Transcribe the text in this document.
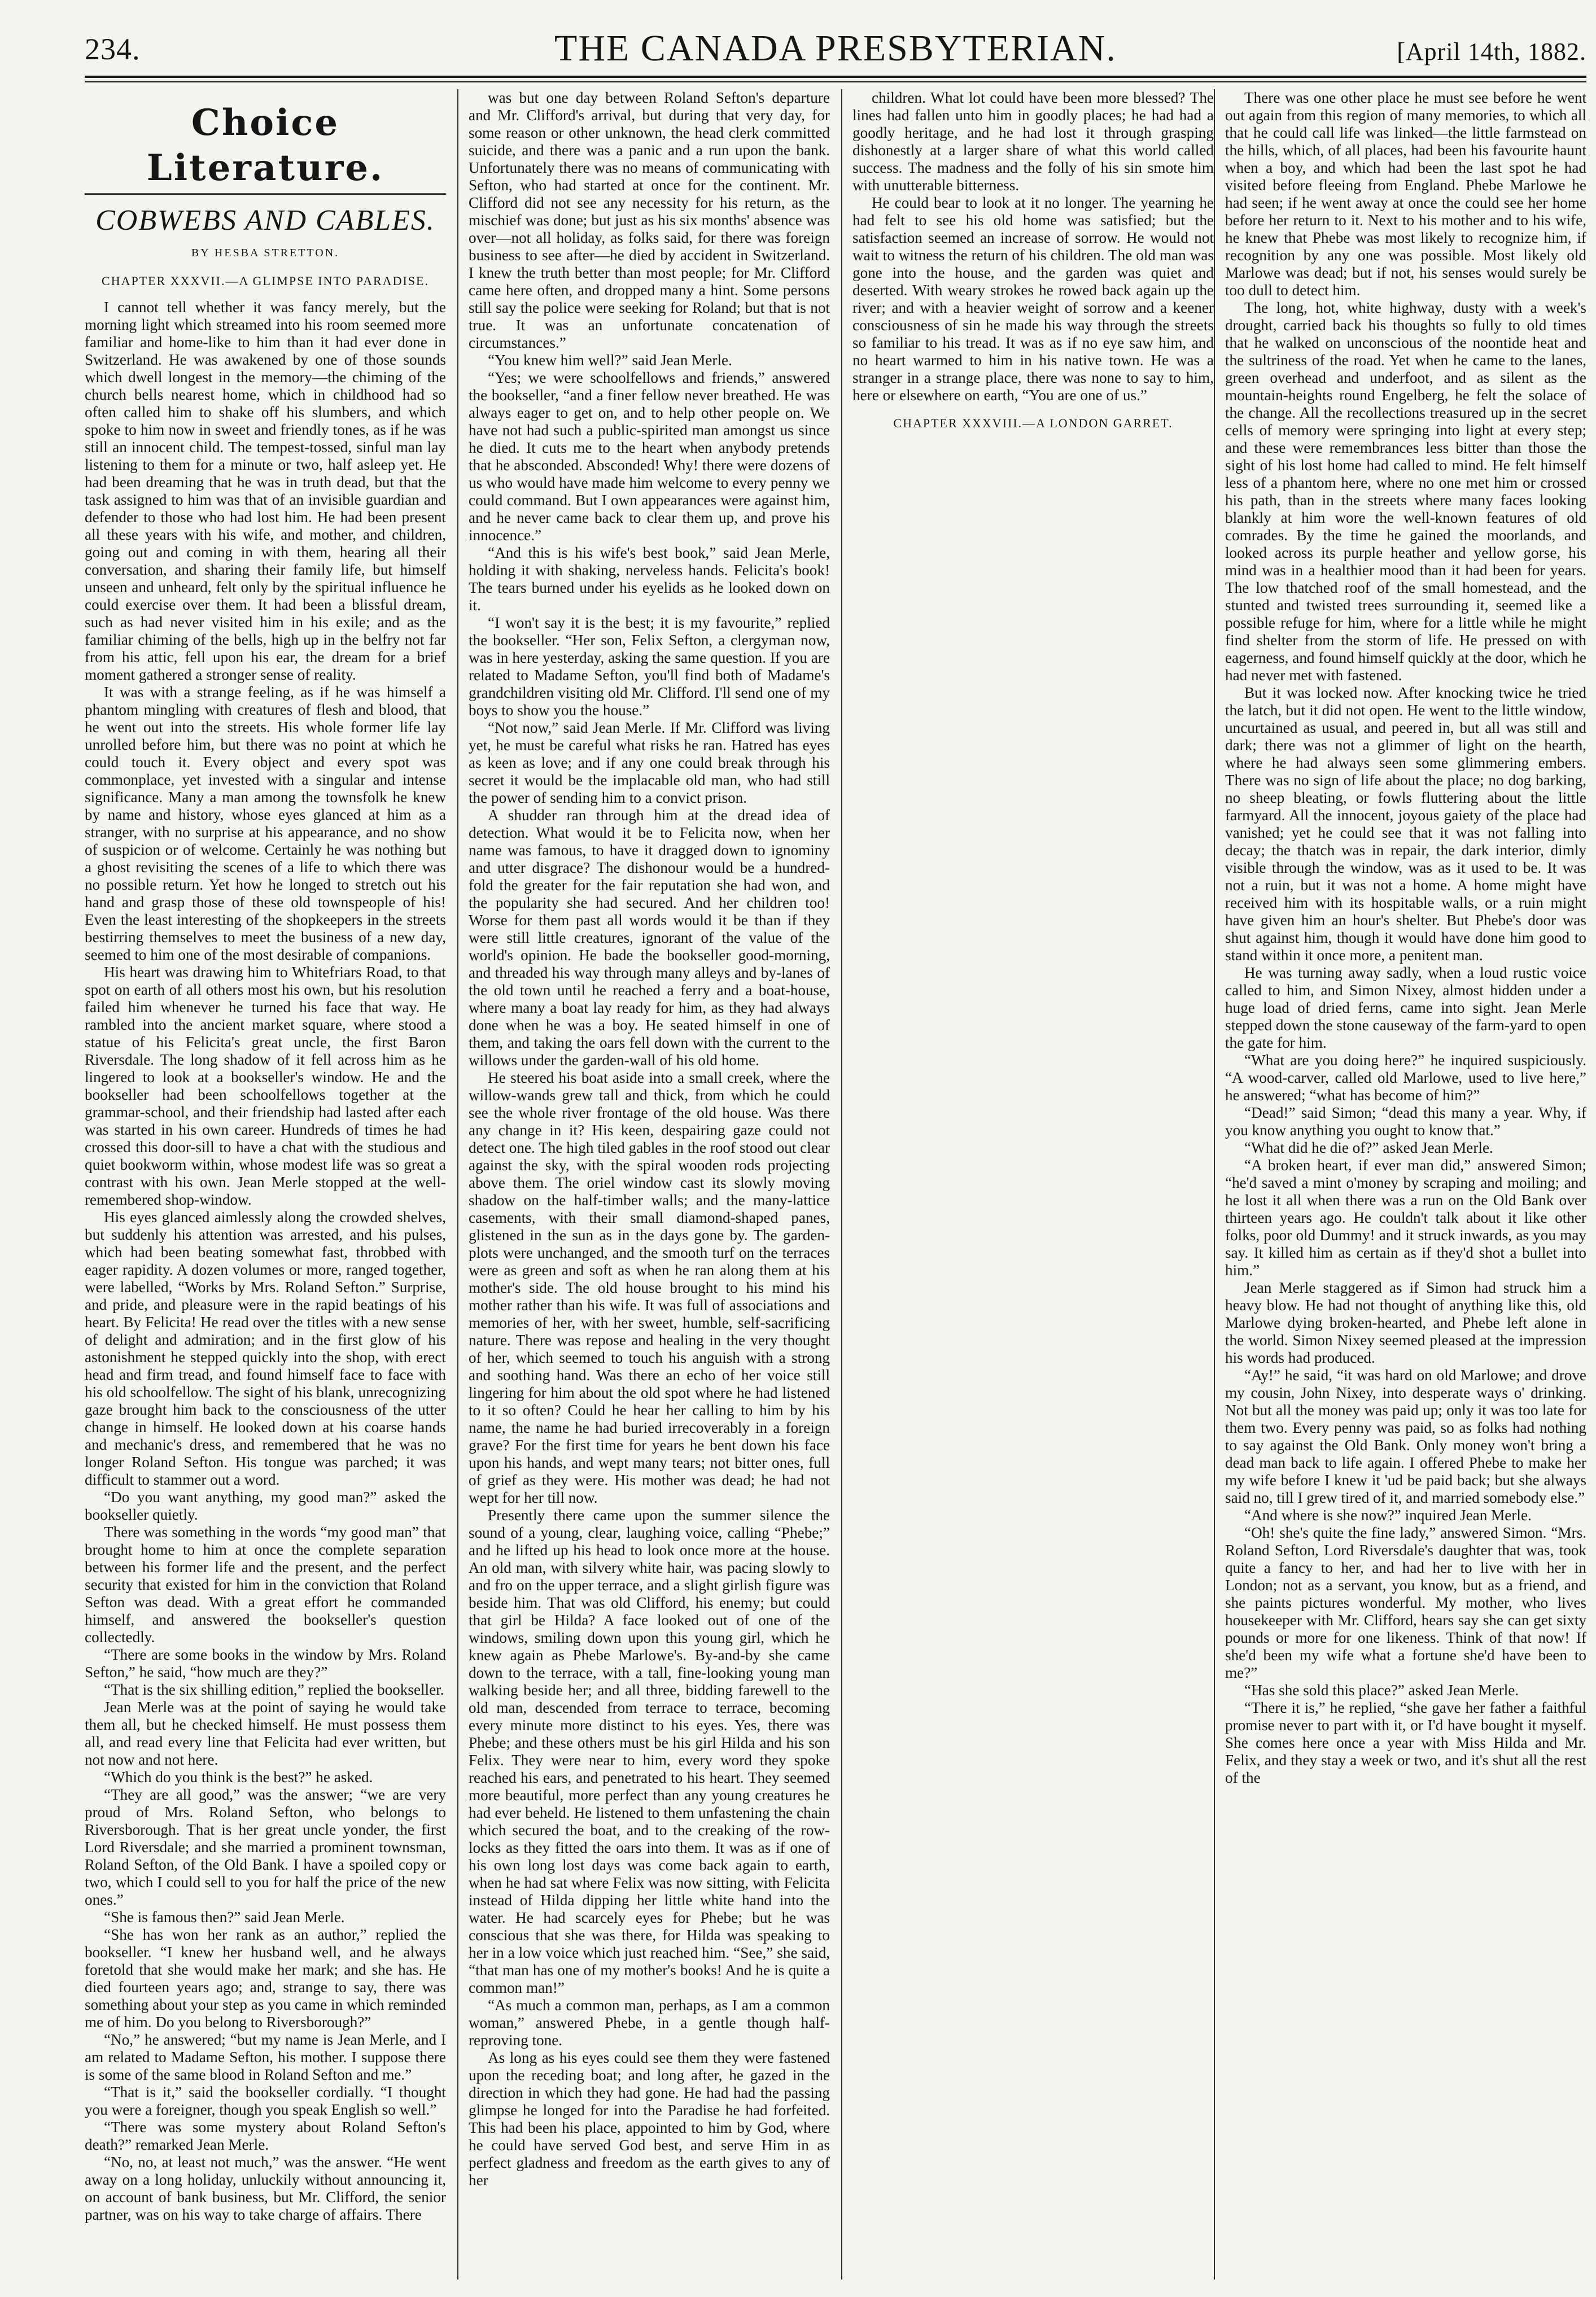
234.	THE CANADA PRESBYTERIAN.	[April 14th, 1882.
Choice Literature.
COBWEBS AND CABLES.
BY HESBA STRETTON.
CHAPTER XXXVII.—A GLIMPSE INTO PARADISE.

I cannot tell whether it was fancy merely, but the morning light which streamed into his room seemed more familiar and home-like to him than it had ever done in Switzerland. He was awakened by one of those sounds which dwell longest in the memory—the chiming of the church bells nearest home, which in childhood had so often called him to shake off his slumbers, and which spoke to him now in sweet and friendly tones, as if he was still an innocent child. The tempest-tossed, sinful man lay listening to them for a minute or two, half asleep yet. He had been dreaming that he was in truth dead, but that the task assigned to him was that of an invisible guardian and defender to those who had lost him. He had been present all these years with his wife, and mother, and children, going out and coming in with them, hearing all their conversation, and sharing their family life, but himself unseen and unheard, felt only by the spiritual influence he could exercise over them. It had been a blissful dream, such as had never visited him in his exile; and as the familiar chiming of the bells, high up in the belfry not far from his attic, fell upon his ear, the dream for a brief moment gathered a stronger sense of reality.

It was with a strange feeling, as if he was himself a phantom mingling with creatures of flesh and blood, that he went out into the streets. His whole former life lay unrolled before him, but there was no point at which he could touch it. Every object and every spot was commonplace, yet invested with a singular and intense significance. Many a man among the townsfolk he knew by name and history, whose eyes glanced at him as a stranger, with no surprise at his appearance, and no show of suspicion or of welcome. Certainly he was nothing but a ghost revisiting the scenes of a life to which there was no possible return. Yet how he longed to stretch out his hand and grasp those of these old townspeople of his! Even the least interesting of the shopkeepers in the streets bestirring themselves to meet the business of a new day, seemed to him one of the most desirable of companions.

His heart was drawing him to Whitefriars Road, to that spot on earth of all others most his own, but his resolution failed him whenever he turned his face that way. He rambled into the ancient market square, where stood a statue of his Felicita's great uncle, the first Baron Riversdale. The long shadow of it fell across him as he lingered to look at a bookseller's window. He and the bookseller had been schoolfellows together at the grammar-school, and their friendship had lasted after each was started in his own career. Hundreds of times he had crossed this door-sill to have a chat with the studious and quiet bookworm within, whose modest life was so great a contrast with his own. Jean Merle stopped at the well-remembered shop-window.

His eyes glanced aimlessly along the crowded shelves, but suddenly his attention was arrested, and his pulses, which had been beating somewhat fast, throbbed with eager rapidity. A dozen volumes or more, ranged together, were labelled, “Works by Mrs. Roland Sefton.” Surprise, and pride, and pleasure were in the rapid beatings of his heart. By Felicita! He read over the titles with a new sense of delight and admiration; and in the first glow of his astonishment he stepped quickly into the shop, with erect head and firm tread, and found himself face to face with his old schoolfellow. The sight of his blank, unrecognizing gaze brought him back to the consciousness of the utter change in himself. He looked down at his coarse hands and mechanic's dress, and remembered that he was no longer Roland Sefton. His tongue was parched; it was difficult to stammer out a word.

“Do you want anything, my good man?” asked the bookseller quietly.

There was something in the words “my good man” that brought home to him at once the complete separation between his former life and the present, and the perfect security that existed for him in the conviction that Roland Sefton was dead. With a great effort he commanded himself, and answered the bookseller's question collectedly.

“There are some books in the window by Mrs. Roland Sefton,” he said, “how much are they?”

“That is the six shilling edition,” replied the bookseller.

Jean Merle was at the point of saying he would take them all, but he checked himself. He must possess them all, and read every line that Felicita had ever written, but not now and not here.

“Which do you think is the best?” he asked.

“They are all good,” was the answer; “we are very proud of Mrs. Roland Sefton, who belongs to Riversborough. That is her great uncle yonder, the first Lord Riversdale; and she married a prominent townsman, Roland Sefton, of the Old Bank. I have a spoiled copy or two, which I could sell to you for half the price of the new ones.”

“She is famous then?” said Jean Merle.

“She has won her rank as an author,” replied the bookseller. “I knew her husband well, and he always foretold that she would make her mark; and she has. He died fourteen years ago; and, strange to say, there was something about your step as you came in which reminded me of him. Do you belong to Riversborough?”

“No,” he answered; “but my name is Jean Merle, and I am related to Madame Sefton, his mother. I suppose there is some of the same blood in Roland Sefton and me.”

“That is it,” said the bookseller cordially. “I thought you were a foreigner, though you speak English so well.”

“There was some mystery about Roland Sefton's death?” remarked Jean Merle.

“No, no, at least not much,” was the answer. “He went away on a long holiday, unluckily without announcing it, on account of bank business, but Mr. Clifford, the senior partner, was on his way to take charge of affairs. There

was but one day between Roland Sefton's departure and Mr. Clifford's arrival, but during that very day, for some reason or other unknown, the head clerk committed suicide, and there was a panic and a run upon the bank. Unfortunately there was no means of communicating with Sefton, who had started at once for the continent. Mr. Clifford did not see any necessity for his return, as the mischief was done; but just as his six months' absence was over—not all holiday, as folks said, for there was foreign business to see after—he died by accident in Switzerland. I knew the truth better than most people; for Mr. Clifford came here often, and dropped many a hint. Some persons still say the police were seeking for Roland; but that is not true. It was an unfortunate concatenation of circumstances.”

“You knew him well?” said Jean Merle.

“Yes; we were schoolfellows and friends,” answered the bookseller, “and a finer fellow never breathed. He was always eager to get on, and to help other people on. We have not had such a public-spirited man amongst us since he died. It cuts me to the heart when anybody pretends that he absconded. Absconded! Why! there were dozens of us who would have made him welcome to every penny we could command. But I own appearances were against him, and he never came back to clear them up, and prove his innocence.”

“And this is his wife's best book,” said Jean Merle, holding it with shaking, nerveless hands. Felicita's book! The tears burned under his eyelids as he looked down on it.

“I won't say it is the best; it is my favourite,” replied the bookseller. “Her son, Felix Sefton, a clergyman now, was in here yesterday, asking the same question. If you are related to Madame Sefton, you'll find both of Madame's grandchildren visiting old Mr. Clifford. I'll send one of my boys to show you the house.”

“Not now,” said Jean Merle. If Mr. Clifford was living yet, he must be careful what risks he ran. Hatred has eyes as keen as love; and if any one could break through his secret it would be the implacable old man, who had still the power of sending him to a convict prison.

A shudder ran through him at the dread idea of detection. What would it be to Felicita now, when her name was famous, to have it dragged down to ignominy and utter disgrace? The dishonour would be a hundred-fold the greater for the fair reputation she had won, and the popularity she had secured. And her children too! Worse for them past all words would it be than if they were still little creatures, ignorant of the value of the world's opinion. He bade the bookseller good-morning, and threaded his way through many alleys and by-lanes of the old town until he reached a ferry and a boat-house, where many a boat lay ready for him, as they had always done when he was a boy. He seated himself in one of them, and taking the oars fell down with the current to the willows under the garden-wall of his old home.

He steered his boat aside into a small creek, where the willow-wands grew tall and thick, from which he could see the whole river frontage of the old house. Was there any change in it? His keen, despairing gaze could not detect one. The high tiled gables in the roof stood out clear against the sky, with the spiral wooden rods projecting above them. The oriel window cast its slowly moving shadow on the half-timber walls; and the many-lattice casements, with their small diamond-shaped panes, glistened in the sun as in the days gone by. The garden-plots were unchanged, and the smooth turf on the terraces were as green and soft as when he ran along them at his mother's side. The old house brought to his mind his mother rather than his wife. It was full of associations and memories of her, with her sweet, humble, self-sacrificing nature. There was repose and healing in the very thought of her, which seemed to touch his anguish with a strong and soothing hand. Was there an echo of her voice still lingering for him about the old spot where he had listened to it so often? Could he hear her calling to him by his name, the name he had buried irrecoverably in a foreign grave? For the first time for years he bent down his face upon his hands, and wept many tears; not bitter ones, full of grief as they were. His mother was dead; he had not wept for her till now.

Presently there came upon the summer silence the sound of a young, clear, laughing voice, calling “Phebe;” and he lifted up his head to look once more at the house. An old man, with silvery white hair, was pacing slowly to and fro on the upper terrace, and a slight girlish figure was beside him. That was old Clifford, his enemy; but could that girl be Hilda? A face looked out of one of the windows, smiling down upon this young girl, which he knew again as Phebe Marlowe's. By-and-by she came down to the terrace, with a tall, fine-looking young man walking beside her; and all three, bidding farewell to the old man, descended from terrace to terrace, becoming every minute more distinct to his eyes. Yes, there was Phebe; and these others must be his girl Hilda and his son Felix. They were near to him, every word they spoke reached his ears, and penetrated to his heart. They seemed more beautiful, more perfect than any young creatures he had ever beheld. He listened to them unfastening the chain which secured the boat, and to the creaking of the row-locks as they fitted the oars into them. It was as if one of his own long lost days was come back again to earth, when he had sat where Felix was now sitting, with Felicita instead of Hilda dipping her little white hand into the water. He had scarcely eyes for Phebe; but he was conscious that she was there, for Hilda was speaking to her in a low voice which just reached him. “See,” she said, “that man has one of my mother's books! And he is quite a common man!”

“As much a common man, perhaps, as I am a common woman,” answered Phebe, in a gentle though half-reproving tone.

As long as his eyes could see them they were fastened upon the receding boat; and long after, he gazed in the direction in which they had gone. He had had the passing glimpse he longed for into the Paradise he had forfeited. This had been his place, appointed to him by God, where he could have served God best, and serve Him in as perfect gladness and freedom as the earth gives to any of her

children. What lot could have been more blessed? The lines had fallen unto him in goodly places; he had had a goodly heritage, and he had lost it through grasping dishonestly at a larger share of what this world called success. The madness and the folly of his sin smote him with unutterable bitterness.

He could bear to look at it no longer. The yearning he had felt to see his old home was satisfied; but the satisfaction seemed an increase of sorrow. He would not wait to witness the return of his children. The old man was gone into the house, and the garden was quiet and deserted. With weary strokes he rowed back again up the river; and with a heavier weight of sorrow and a keener consciousness of sin he made his way through the streets so familiar to his tread. It was as if no eye saw him, and no heart warmed to him in his native town. He was a stranger in a strange place, there was none to say to him, here or elsewhere on earth, “You are one of us.”

CHAPTER XXXVIII.—A LONDON GARRET.

There was one other place he must see before he went out again from this region of many memories, to which all that he could call life was linked—the little farmstead on the hills, which, of all places, had been his favourite haunt when a boy, and which had been the last spot he had visited before fleeing from England. Phebe Marlowe he had seen; if he went away at once the could see her home before her return to it. Next to his mother and to his wife, he knew that Phebe was most likely to recognize him, if recognition by any one was possible. Most likely old Marlowe was dead; but if not, his senses would surely be too dull to detect him.

The long, hot, white highway, dusty with a week's drought, carried back his thoughts so fully to old times that he walked on unconscious of the noontide heat and the sultriness of the road. Yet when he came to the lanes, green overhead and underfoot, and as silent as the mountain-heights round Engelberg, he felt the solace of the change. All the recollections treasured up in the secret cells of memory were springing into light at every step; and these were remembrances less bitter than those the sight of his lost home had called to mind. He felt himself less of a phantom here, where no one met him or crossed his path, than in the streets where many faces looking blankly at him wore the well-known features of old comrades. By the time he gained the moorlands, and looked across its purple heather and yellow gorse, his mind was in a healthier mood than it had been for years. The low thatched roof of the small homestead, and the stunted and twisted trees surrounding it, seemed like a possible refuge for him, where for a little while he might find shelter from the storm of life. He pressed on with eagerness, and found himself quickly at the door, which he had never met with fastened.

But it was locked now. After knocking twice he tried the latch, but it did not open. He went to the little window, uncurtained as usual, and peered in, but all was still and dark; there was not a glimmer of light on the hearth, where he had always seen some glimmering embers. There was no sign of life about the place; no dog barking, no sheep bleating, or fowls fluttering about the little farmyard. All the innocent, joyous gaiety of the place had vanished; yet he could see that it was not falling into decay; the thatch was in repair, the dark interior, dimly visible through the window, was as it used to be. It was not a ruin, but it was not a home. A home might have received him with its hospitable walls, or a ruin might have given him an hour's shelter. But Phebe's door was shut against him, though it would have done him good to stand within it once more, a penitent man.

He was turning away sadly, when a loud rustic voice called to him, and Simon Nixey, almost hidden under a huge load of dried ferns, came into sight. Jean Merle stepped down the stone causeway of the farm-yard to open the gate for him.

“What are you doing here?” he inquired suspiciously. “A wood-carver, called old Marlowe, used to live here,” he answered; “what has become of him?”

“Dead!” said Simon; “dead this many a year. Why, if you know anything you ought to know that.”

“What did he die of?” asked Jean Merle.

“A broken heart, if ever man did,” answered Simon; “he'd saved a mint o'money by scraping and moiling; and he lost it all when there was a run on the Old Bank over thirteen years ago. He couldn't talk about it like other folks, poor old Dummy! and it struck inwards, as you may say. It killed him as certain as if they'd shot a bullet into him.”

Jean Merle staggered as if Simon had struck him a heavy blow. He had not thought of anything like this, old Marlowe dying broken-hearted, and Phebe left alone in the world. Simon Nixey seemed pleased at the impression his words had produced.

“Ay!” he said, “it was hard on old Marlowe; and drove my cousin, John Nixey, into desperate ways o' drinking. Not but all the money was paid up; only it was too late for them two. Every penny was paid, so as folks had nothing to say against the Old Bank. Only money won't bring a dead man back to life again. I offered Phebe to make her my wife before I knew it 'ud be paid back; but she always said no, till I grew tired of it, and married somebody else.”

“And where is she now?” inquired Jean Merle.

“Oh! she's quite the fine lady,” answered Simon. “Mrs. Roland Sefton, Lord Riversdale's daughter that was, took quite a fancy to her, and had her to live with her in London; not as a servant, you know, but as a friend, and she paints pictures wonderful. My mother, who lives housekeeper with Mr. Clifford, hears say she can get sixty pounds or more for one likeness. Think of that now! If she'd been my wife what a fortune she'd have been to me?”

“Has she sold this place?” asked Jean Merle.

“There it is,” he replied, “she gave her father a faithful promise never to part with it, or I'd have bought it myself. She comes here once a year with Miss Hilda and Mr. Felix, and they stay a week or two, and it's shut all the rest of the
